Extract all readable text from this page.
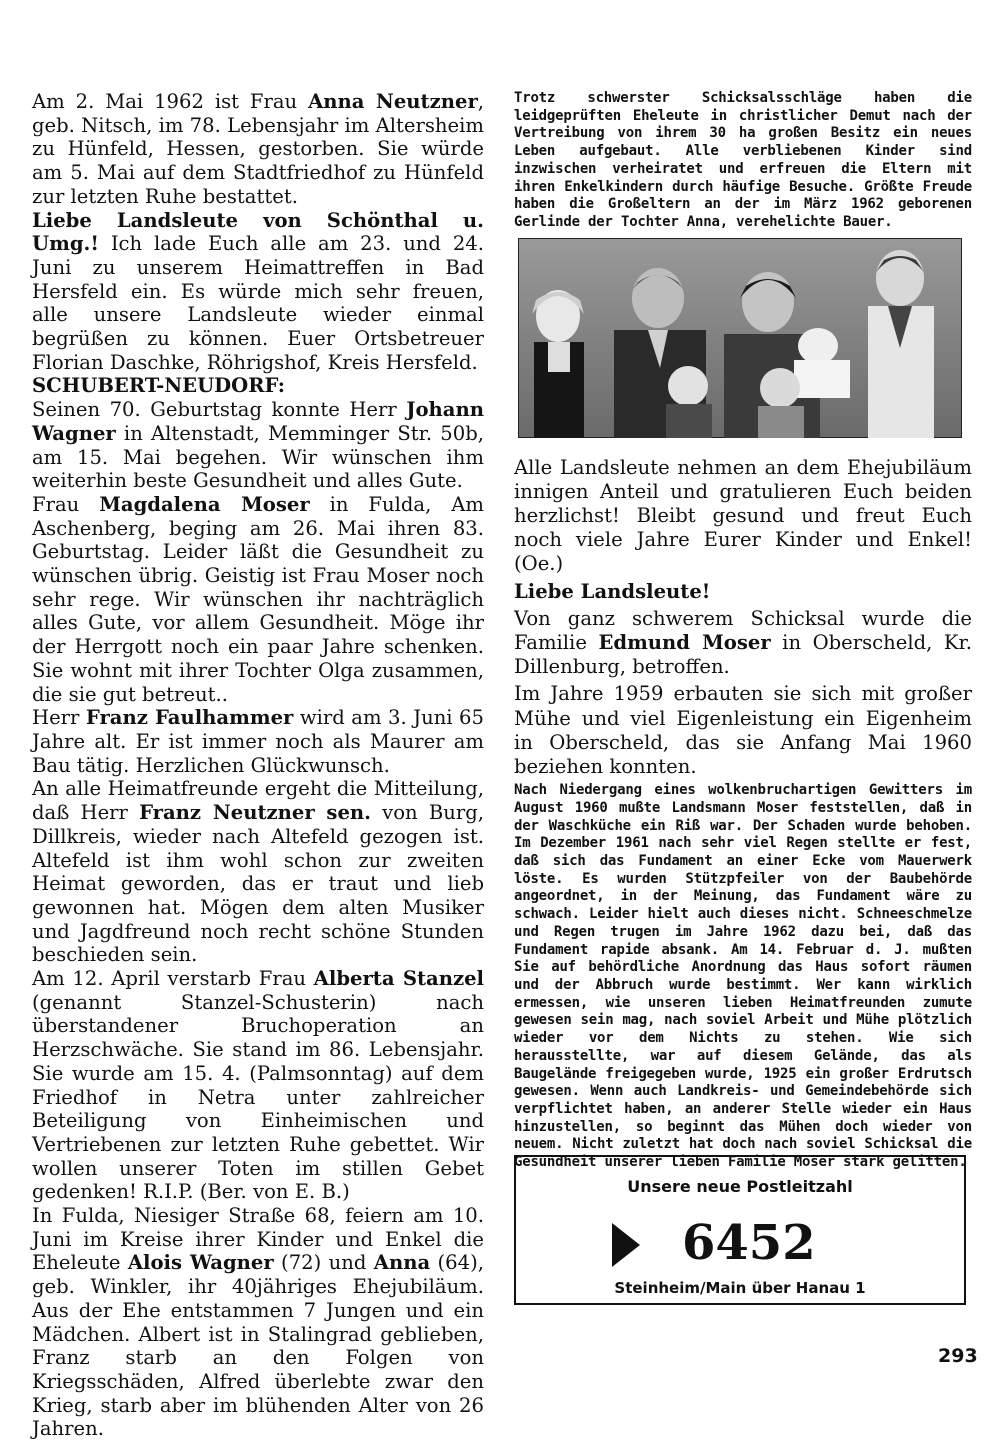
Am 2. Mai 1962 ist Frau Anna Neutzner, geb. Nitsch, im 78. Lebensjahr im Altersheim zu Hünfeld, Hessen, gestorben. Sie würde am 5. Mai auf dem Stadtfriedhof zu Hünfeld zur letzten Ruhe bestattet.

Liebe Landsleute von Schönthal u. Umg.! Ich lade Euch alle am 23. und 24. Juni zu unserem Heimattreffen in Bad Hersfeld ein. Es würde mich sehr freuen, alle unsere Landsleute wieder einmal begrüßen zu können. Euer Ortsbetreuer Florian Daschke, Röhrigshof, Kreis Hersfeld.

SCHUBERT-NEUDORF:

Seinen 70. Geburtstag konnte Herr Johann Wagner in Altenstadt, Memminger Str. 50b, am 15. Mai begehen. Wir wünschen ihm weiterhin beste Gesundheit und alles Gute.

Frau Magdalena Moser in Fulda, Am Aschenberg, beging am 26. Mai ihren 83. Geburtstag. Leider läßt die Gesundheit zu wünschen übrig. Geistig ist Frau Moser noch sehr rege. Wir wünschen ihr nachträglich alles Gute, vor allem Gesundheit. Möge ihr der Herrgott noch ein paar Jahre schenken. Sie wohnt mit ihrer Tochter Olga zusammen, die sie gut betreut..

Herr Franz Faulhammer wird am 3. Juni 65 Jahre alt. Er ist immer noch als Maurer am Bau tätig. Herzlichen Glückwunsch.

An alle Heimatfreunde ergeht die Mitteilung, daß Herr Franz Neutzner sen. von Burg, Dillkreis, wieder nach Altefeld gezogen ist. Altefeld ist ihm wohl schon zur zweiten Heimat geworden, das er traut und lieb gewonnen hat. Mögen dem alten Musiker und Jagdfreund noch recht schöne Stunden beschieden sein.

Am 12. April verstarb Frau Alberta Stanzel (genannt Stanzel-Schusterin) nach überstandener Bruchoperation an Herzschwäche. Sie stand im 86. Lebensjahr. Sie wurde am 15. 4. (Palmsonntag) auf dem Friedhof in Netra unter zahlreicher Beteiligung von Einheimischen und Vertriebenen zur letzten Ruhe gebettet. Wir wollen unserer Toten im stillen Gebet gedenken! R.I.P. (Ber. von E. B.)

In Fulda, Niesiger Straße 68, feiern am 10. Juni im Kreise ihrer Kinder und Enkel die Eheleute Alois Wagner (72) und Anna (64), geb. Winkler, ihr 40jähriges Ehejubiläum. Aus der Ehe entstammen 7 Jungen und ein Mädchen. Albert ist in Stalingrad geblieben, Franz starb an den Folgen von Kriegsschäden, Alfred überlebte zwar den Krieg, starb aber im blühenden Alter von 26 Jahren.

Trotz schwerster Schicksalsschläge haben die leidgeprüften Eheleute in christlicher Demut nach der Vertreibung von ihrem 30 ha großen Besitz ein neues Leben aufgebaut. Alle verbliebenen Kinder sind inzwischen verheiratet und erfreuen die Eltern mit ihren Enkelkindern durch häufige Besuche. Größte Freude haben die Großeltern an der im März 1962 geborenen Gerlinde der Tochter Anna, verehelichte Bauer.

Alle Landsleute nehmen an dem Ehejubiläum innigen Anteil und gratulieren Euch beiden herzlichst! Bleibt gesund und freut Euch noch viele Jahre Eurer Kinder und Enkel! (Oe.)

Liebe Landsleute!

Von ganz schwerem Schicksal wurde die Familie Edmund Moser in Oberscheld, Kr. Dillenburg, betroffen.

Im Jahre 1959 erbauten sie sich mit großer Mühe und viel Eigenleistung ein Eigenheim in Oberscheld, das sie Anfang Mai 1960 beziehen konnten.

Nach Niedergang eines wolkenbruchartigen Gewitters im August 1960 mußte Landsmann Moser feststellen, daß in der Waschküche ein Riß war. Der Schaden wurde behoben. Im Dezember 1961 nach sehr viel Regen stellte er fest, daß sich das Fundament an einer Ecke vom Mauerwerk löste. Es wurden Stützpfeiler von der Baubehörde angeordnet, in der Meinung, das Fundament wäre zu schwach. Leider hielt auch dieses nicht. Schneeschmelze und Regen trugen im Jahre 1962 dazu bei, daß das Fundament rapide absank. Am 14. Februar d. J. mußten Sie auf behördliche Anordnung das Haus sofort räumen und der Abbruch wurde bestimmt. Wer kann wirklich ermessen, wie unseren lieben Heimatfreunden zumute gewesen sein mag, nach soviel Arbeit und Mühe plötzlich wieder vor dem Nichts zu stehen. Wie sich herausstellte, war auf diesem Gelände, das als Baugelände freigegeben wurde, 1925 ein großer Erdrutsch gewesen. Wenn auch Landkreis- und Gemeindebehörde sich verpflichtet haben, an anderer Stelle wieder ein Haus hinzustellen, so beginnt das Mühen doch wieder von neuem. Nicht zuletzt hat doch nach soviel Schicksal die Gesundheit unserer lieben Familie Moser stark gelitten.

Unsere neue Postleitzahl
6452
Steinheim/Main über Hanau 1
293
